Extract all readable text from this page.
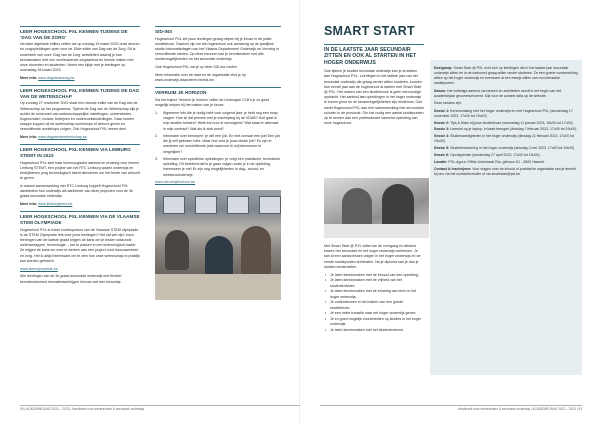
LEER HOGESCHOOL PXL KENNEN TIJDENS DE ‘DAG VAN DE ZORG’

Na twee afgelaste edities zetten we op zondag 19 maart 2023 onze deuren en zorgopleidingen open voor de 15de editie van Dag van de Zorg. Dit is onderdeel van onze ‘Dag van de Zorg’ activiteiten waarbij je kan kennismaken met ons vernieuwende zorgaanbod en kennis maken met onze docenten en studenten. Neem een kijkje met je leerlingen op woensdag 16 maart 2023.

Meer info: www.dagvandezorg.be

LEER HOGESCHOOL PXL KENNEN TIJDENS DE DAG VAN DE WETENSCHAP

Op zondag 27 november 2022 staat een nieuwe editie van de Dag van de Wetenschap op het programma. Tijdens de Dag van de Wetenschap kijk je achter de schermen van wetenschappelijke instellingen, universiteiten, hogescholen, musea, bedrijven en onderzoeksinstellingen. Daar komen knappe koppen uit de wetenschap workshops of demo’s geven en verschillende workshops volgen. Ook Hogeschool PXL neemt deel.

Meer info: www.dagvandewetenschap.be

LEER HOGESCHOOL PXL KENNEN VIA LIMBURG STEMT IN 2023

Hogeschool PXL stelt haar technologische aanbod en ervaring voor binnen Limburg STEMT, een project van het RTC Limburg waarin onderwijs en bedrijfsleven jong technologisch talent stimuleren om het beste van zichzelf te geven.

In nauwe samenwerking met RTC Limburg koppelt Hogeschool PXL aanbieders hun onderwijs als aanbieder van deze projecten voor de 3e graad secundair onderwijs.

Meer info: www.limburgstemt.be

LEER HOGESCHOOL PXL KENNEN VIA DE VLAAMSE STEM OLYMPIADE

Hogeschool PXL is trotse hoofdsponsor van de Vlaamse STEM olympiade. Is de STEM Olympiade iets voor jouw leerlingen? Het zal wel zijn! Jouw leerlingen van de laatste graad krijgen de kans om je lessen wiskunde, wetenschappen, technologie… toe te passen in een technologisch kader. Ze krijgen de kans om mee te werken aan een project rond duurzaamheid en zorg. Het is altijd interessant om te zien hoe onze wetenschap in praktijk kan worden gebracht.

www.stemolympiade.be

Alle leerlingen van de 3e graad secundair onderwijs met flexibel kennisinstrument lesmateriaal krijgen hiervan wel een bezoekje.

SID-INS

Hogeschool PXL zet jouw leerlingen graag helpen bij je keuze in de juiste studiekeuze. Daarom zijn we als hogeschool ook aanwezig op de jaarlijkse studie-informatiedagen van het Vlaams Departement Onderwijs en Vorming in verschillende steden. Op deze beurzen kan je kennismaken met alle studiemogelijkheden na het secundair onderwijs.

Ook Hogeschool PXL zal je op deze SID-ins vinden.

Meer informatie over de data en de organisatie vind je op www.onderwijs.vlaanderen.be/sid-ins

VERRUIM JE HORIZON

Via het traject ‘Verruim je horizon’ willen de Limburgse CLB’s je zo goed mogelijk helpen bij het maken van je keuze.

1. Algemene info die je nodig hebt voor volgend jaar: je hebt nog een hoop vragen. Hoe zit dat precies met je inschrijving bij de VDAB? Hoe gaat ik mijn studies betalen? Welk kot huur ik vervolgens? Wat staat er allemaal in mijn contract? Wat als ik ziek word?
2. Informatie over beroepen: je wilt een job. En niet zomaar een job! Een job die jij zelf gekozen hebt. Maar hoe vind je jouw ideale job? En zijn er manieren om verschillende jobs waarvoor ik mij interesseer te vergelijken?
3. Informatie over specifieke opleidingen: je volgt een praktische, technische opleiding. Dit betekent dat ik je gaan volgen zoals je in de opleiding. Interesseer je me! Er zijn nog mogelijkheden in dag-, avond- en weekendonderwijs.

www.verruimjehorizon.be

90 | ACADEMIEJAAR 2022 – 2023 | Handboek voor leerkrachten & secundair onderwijs
SMART START
IN DE LAATSTE JAAR SECUNDAIR ZITTEN EN OOK AL STARTEN IN HET HOGER ONDERWIJS

Ook tijdens je studies secundair onderwijs kan je al starten aan Hogeschool PXL. Leerlingen in het laatste jaar van het secundair onderwijs die graag verder willen studeren, kunnen hun eerste jaar aan de hogeschool al starten met Smart Start @ PXL. Het maken van een studiekeuze is geen eenvoudige opdracht. Het aanbod aan opleidingen in het hoger onderwijs is enorm groot en de keuzemogelijkheden zijn eindeloos. Ook werkt Hogeschool PXL aan een samenwerking met secundaire scholen in de provincie. Om het nodig een aantal studiepunten op te nemen aan een professionele bachelor-opleiding van onze hogeschool.

Met Smart Start @ PXL willen we de overgang en afstand tussen het secundair en het hoger onderwijs verkleinen. Je kan al een aantal lessen volgen in het hoger onderwijs en de eerste studiepunten al behalen. Na je diploma kan je dan je studies verderzetten.

• Je laten kennismaken met de inhoud van een opleiding;
• Je laten kennismaken met de vrijheid van het studentenleven;
• Je laten kennismaken met de ervaring van leren in het hoger onderwijs;
• Je ondersteunen in het maken van een goede studiekeuze;
• Je een vlotte transitie naar het hoger onderwijs geven;
• Je zo goed mogelijk voorbereiden op studies in het hoger onderwijs;
• Je laten kennismaken met het studentenleven.

Doelgroep: Smart Start @ PXL richt zich op leerlingen die in het laatste jaar secundair onderwijs zitten en in de toekomst graag willen verder studeren. Ze een goede voorbereiding willen op het hoger onderwijs en eventueel al een bewijs willen van hun behaalde studiepunten.

Datum: Het volledige aanbod van lessen en activiteiten wordt in het begin van het academiejaar gecommuniceerd. Kijk voor de actuele data op de website.

Deze sessies zijn:

Sessie 1: Kennismaking met het hoger onderwijs en met Hogeschool PXL (donderdag 17 november 2022, 17u00 tot 19u00)
Sessie 2: Tips & tricks bij jouw studiekeuze (woensdag 11 januari 2023, 15u00 tot 17u00)
Sessie 3: Leerstof op je laptop: in kaart brengen (dinsdag 7 februari 2023, 17u00 tot 19u00)
Sessie 4: Studievaardigheden in het hoger onderwijs (dinsdag 21 februari 2023, 17u00 tot 19u00)
Sessie 5: Studiefinanciering in het hoger onderwijs (dinsdag 2 mei 2023, 17u00 tot 19u00)
Sessie 6: Opvolgsessie (donderdag 27 april 2023, 17u00 tot 19u00)

Locatie: PXL-Agora / Elfde-Liniestraat 23a, gebouw D1 - 3500 Hasselt

Contact & inschrijven: Voor vragen over de inhoud of praktische organisatie kan je terecht bij ons via het contactformulier of via smartstart@pxl.be

Handboek voor leerkrachten & secundair onderwijs | ACADEMIEJAAR 2022 – 2023 | 91
